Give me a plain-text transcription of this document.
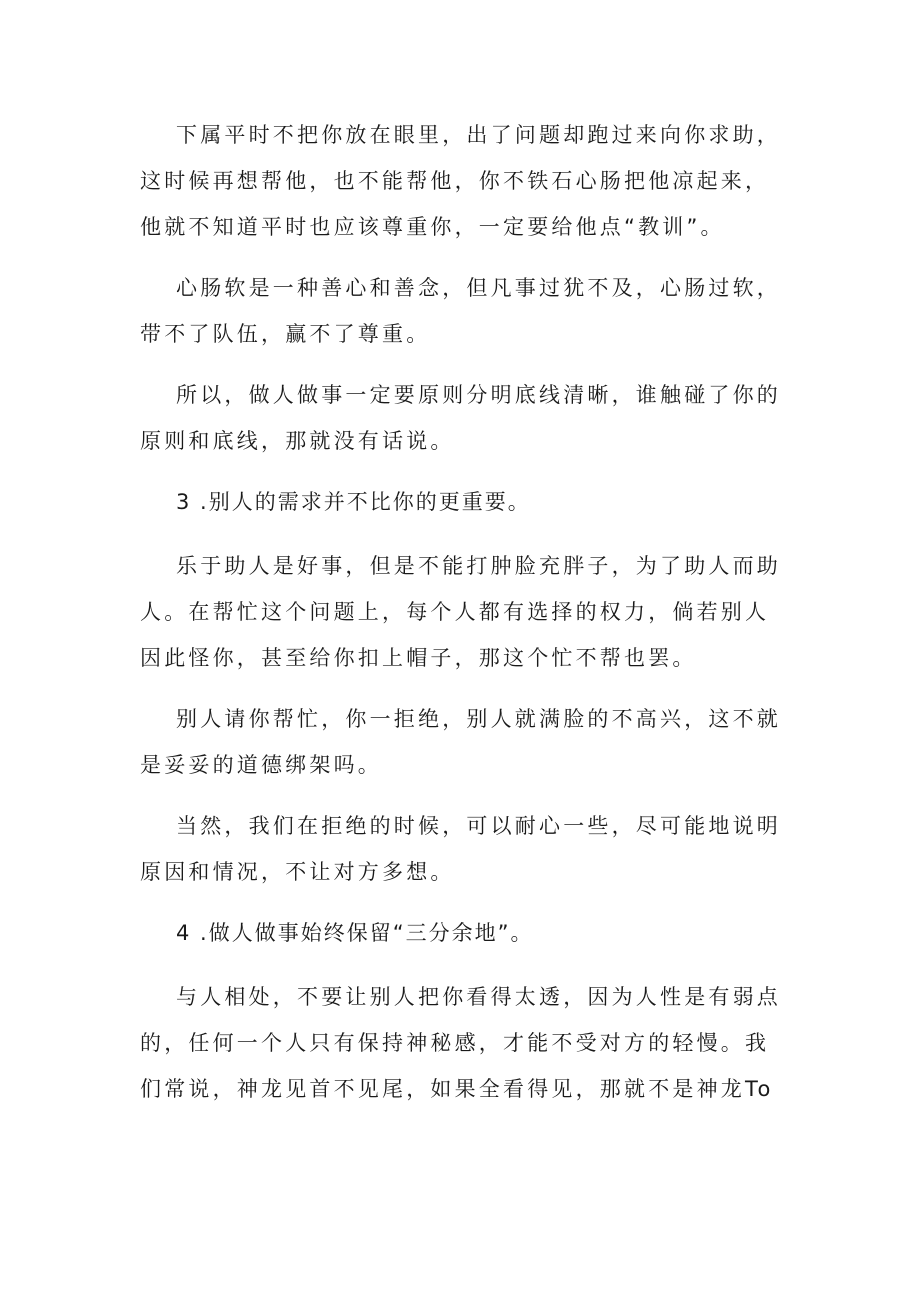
下属平时不把你放在眼里，出了问题却跑过来向你求助，这时候再想帮他，也不能帮他，你不铁石心肠把他凉起来，他就不知道平时也应该尊重你，一定要给他点“教训”。

心肠软是一种善心和善念，但凡事过犹不及，心肠过软，带不了队伍，赢不了尊重。

所以，做人做事一定要原则分明底线清晰，谁触碰了你的原则和底线，那就没有话说。

3 .别人的需求并不比你的更重要。

乐于助人是好事，但是不能打肿脸充胖子，为了助人而助人。在帮忙这个问题上，每个人都有选择的权力，倘若别人因此怪你，甚至给你扣上帽子，那这个忙不帮也罢。

别人请你帮忙，你一拒绝，别人就满脸的不高兴，这不就是妥妥的道德绑架吗。

当然，我们在拒绝的时候，可以耐心一些，尽可能地说明原因和情况，不让对方多想。

4 .做人做事始终保留“三分余地”。

与人相处，不要让别人把你看得太透，因为人性是有弱点的，任何一个人只有保持神秘感，才能不受对方的轻慢。我们常说，神龙见首不见尾，如果全看得见，那就不是神龙To
